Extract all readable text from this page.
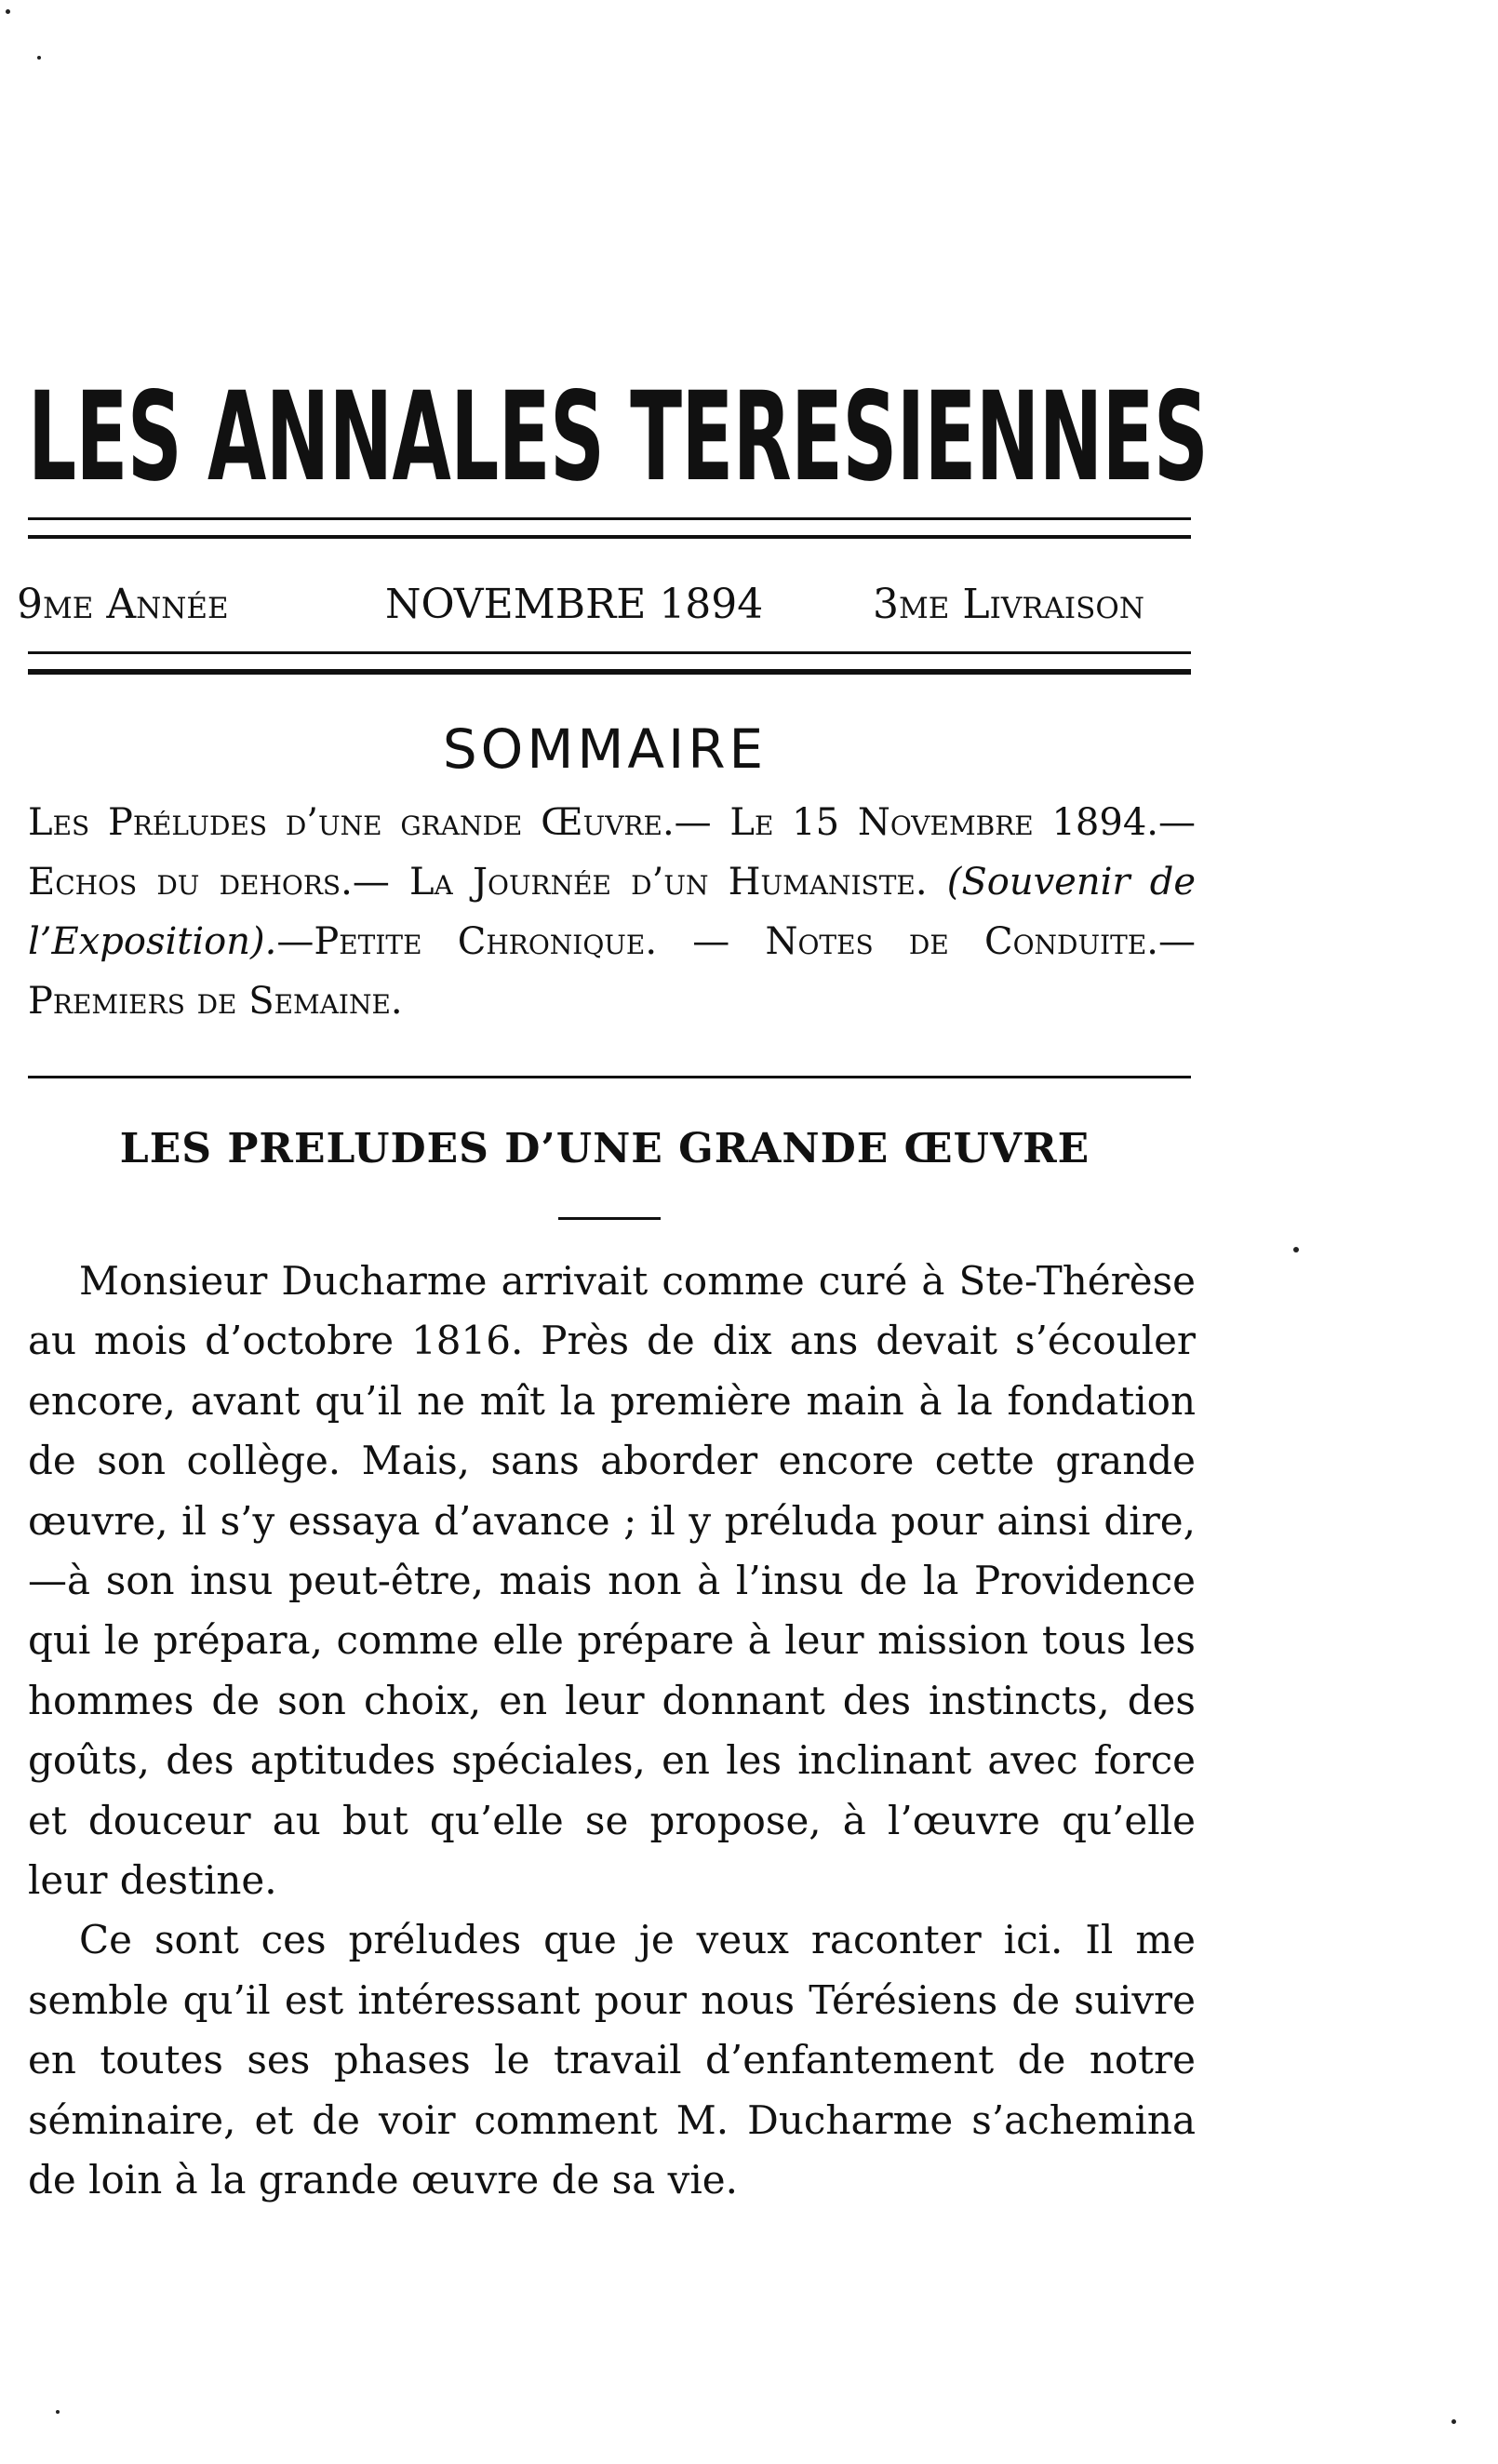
LES ANNALES TERESIENNES
9me Année	NOVEMBRE 1894	3me Livraison
SOMMAIRE
Les Préludes d’une grande Œuvre.— Le 15 Novembre 1894.— Echos du dehors.— La Journée d’un Humaniste. (Souvenir de l’Exposition).—Petite Chronique. — Notes de Conduite.—Premiers de Semaine.
LES PRELUDES D’UNE GRANDE ŒUVRE

Monsieur Ducharme arrivait comme curé à Ste-Thérèse au mois d’octobre 1816. Près de dix ans devait s’écouler encore, avant qu’il ne mît la première main à la fondation de son collège. Mais, sans aborder encore cette grande œuvre, il s’y essaya d’avance ; il y préluda pour ainsi dire,—à son insu peut-être, mais non à l’insu de la Providence qui le prépara, comme elle prépare à leur mission tous les hommes de son choix, en leur donnant des instincts, des goûts, des aptitudes spéciales, en les inclinant avec force et douceur au but qu’elle se propose, à l’œuvre qu’elle leur destine.

Ce sont ces préludes que je veux raconter ici. Il me semble qu’il est intéressant pour nous Térésiens de suivre en toutes ses phases le travail d’enfantement de notre séminaire, et de voir comment M. Ducharme s’achemina de loin à la grande œuvre de sa vie.
